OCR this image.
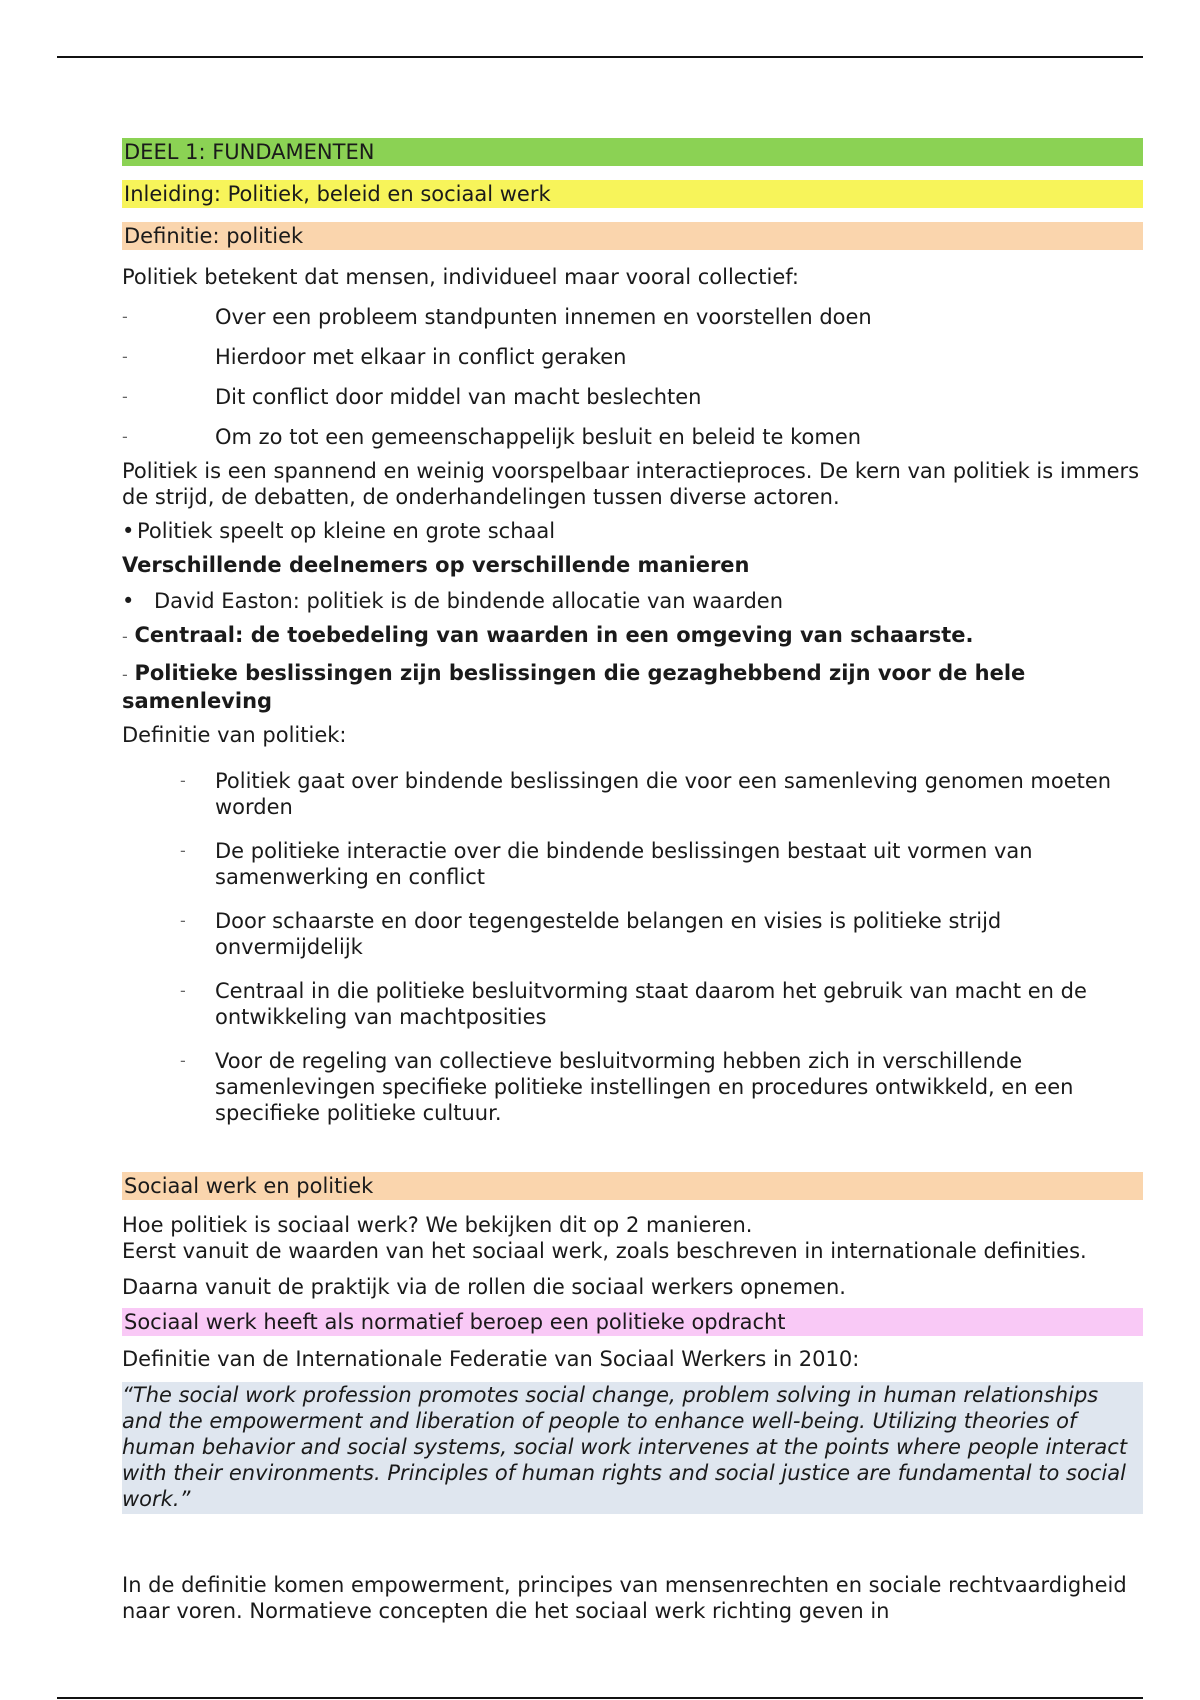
DEEL 1: FUNDAMENTEN
Inleiding: Politiek, beleid en sociaal werk
Definitie: politiek

Politiek betekent dat mensen, individueel maar vooral collectief:

-	Over een probleem standpunten innemen en voorstellen doen
-	Hierdoor met elkaar in conflict geraken
-	Dit conflict door middel van macht beslechten
-	Om zo tot een gemeenschappelijk besluit en beleid te komen

Politiek is een spannend en weinig voorspelbaar interactieproces. De kern van politiek is immers de strijd, de debatten, de onderhandelingen tussen diverse actoren.

• Politiek speelt op kleine en grote schaal

Verschillende deelnemers op verschillende manieren

• David Easton: politiek is de bindende allocatie van waarden

- Centraal: de toebedeling van waarden in een omgeving van schaarste.

- Politieke beslissingen zijn beslissingen die gezaghebbend zijn voor de hele samenleving

Definitie van politiek:

-	Politiek gaat over bindende beslissingen die voor een samenleving genomen moeten worden
-	De politieke interactie over die bindende beslissingen bestaat uit vormen van samenwerking en conflict
-	Door schaarste en door tegengestelde belangen en visies is politieke strijd onvermijdelijk
-	Centraal in die politieke besluitvorming staat daarom het gebruik van macht en de ontwikkeling van machtposities
-	Voor de regeling van collectieve besluitvorming hebben zich in verschillende samenlevingen specifieke politieke instellingen en procedures ontwikkeld, en een specifieke politieke cultuur.
Sociaal werk en politiek

Hoe politiek is sociaal werk? We bekijken dit op 2 manieren.

Eerst vanuit de waarden van het sociaal werk, zoals beschreven in internationale definities.

Daarna vanuit de praktijk via de rollen die sociaal werkers opnemen.

Sociaal werk heeft als normatief beroep een politieke opdracht

Definitie van de Internationale Federatie van Sociaal Werkers in 2010:

“The social work profession promotes social change, problem solving in human relationships and the empowerment and liberation of people to enhance well-being. Utilizing theories of human behavior and social systems, social work intervenes at the points where people interact with their environments. Principles of human rights and social justice are fundamental to social work.”

In de definitie komen empowerment, principes van mensenrechten en sociale rechtvaardigheid naar voren. Normatieve concepten die het sociaal werk richting geven in
